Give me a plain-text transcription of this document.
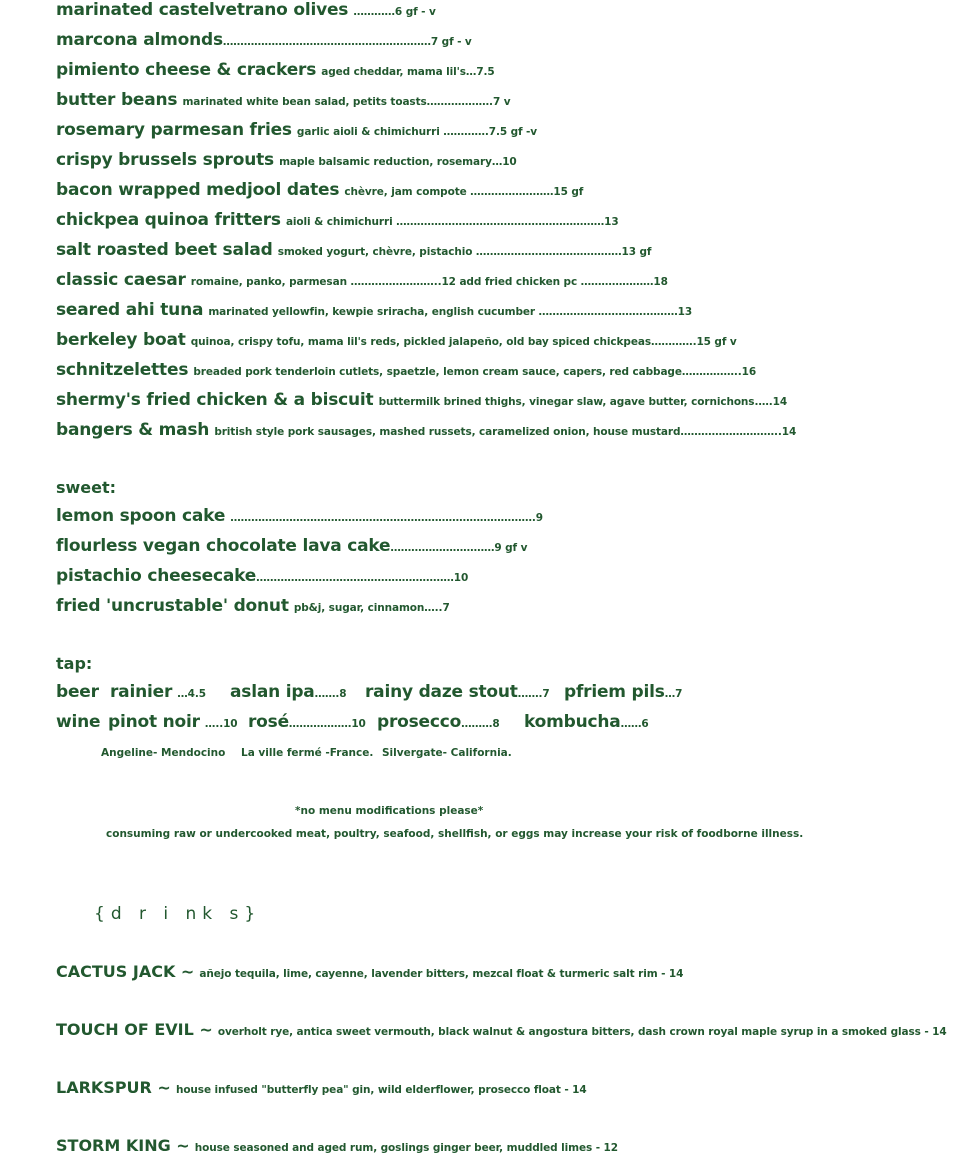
marinated castelvetrano olives …………6 gf - v
marcona almonds……………………………………………………7 gf - v
pimiento cheese & crackers aged cheddar, mama lil's…7.5
butter beans marinated white bean salad, petits toasts……………….7 v
rosemary parmesan fries garlic aioli & chimichurri ………….7.5 gf -v
crispy brussels sprouts maple balsamic reduction, rosemary…10
bacon wrapped medjool dates chèvre, jam compote ……………………15 gf
chickpea quinoa fritters aioli & chimichurri ……………………………………………………13
salt roasted beet salad smoked yogurt, chèvre, pistachio ……………………………………13 gf
classic caesar romaine, panko, parmesan ……………………..12 add fried chicken pc …………………18
seared ahi tuna marinated yellowfin, kewpie sriracha, english cucumber ………………………….………13
berkeley boat quinoa, crispy tofu, mama lil's reds, pickled jalapeño, old bay spiced chickpeas………….15 gf v
schnitzelettes breaded pork tenderloin cutlets, spaetzle, lemon cream sauce, capers, red cabbage……………..16
shermy's fried chicken & a biscuit buttermilk brined thighs, vinegar slaw, agave butter, cornichons.….14
bangers & mash british style pork sausages, mashed russets, caramelized onion, house mustard………………………..14
sweet:
lemon spoon cake …………………………………………………………………………….9
flourless vegan chocolate lava cake…………………………9 gf v
pistachio cheesecake…………………………………………………10
fried 'uncrustable' donut pb&j, sugar, cinnamon…..7
tap:
beer rainier …4.5 aslan ipa…….8 rainy daze stout…….7 pfriem pils…7
wine pinot noir …..10 rosé………………10 prosecco………8 kombucha……6
Angeline- Mendocino La ville fermé -France. Silvergate- California.
*no menu modifications please*
consuming raw or undercooked meat, poultry, seafood, shellfish, or eggs may increase your risk of foodborne illness.
{d r i nk s}
CACTUS JACK ~ añejo tequila, lime, cayenne, lavender bitters, mezcal float & turmeric salt rim - 14
TOUCH OF EVIL ~ overholt rye, antica sweet vermouth, black walnut & angostura bitters, dash crown royal maple syrup in a smoked glass - 14
LARKSPUR ~ house infused "butterfly pea" gin, wild elderflower, prosecco float - 14
STORM KING ~ house seasoned and aged rum, goslings ginger beer, muddled limes - 12
